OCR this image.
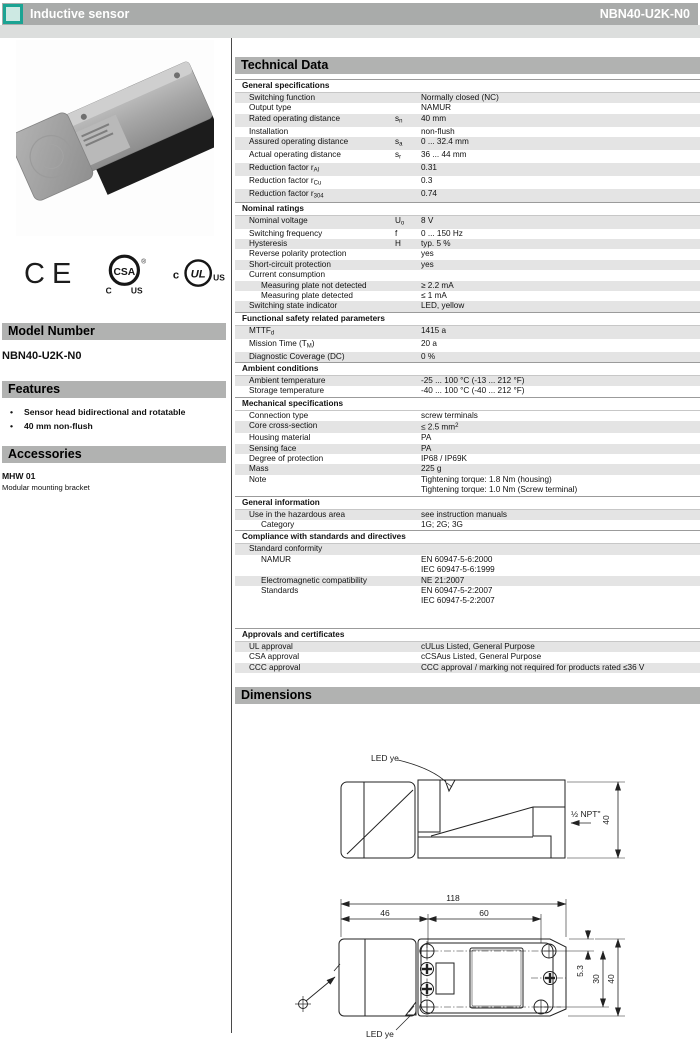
Inductive sensor	NBN40-U2K-N0
CE	CSA
®
C US
c UL US
Model Number
NBN40-U2K-N0
Features
• Sensor head bidirectional and rotatable
• 40 mm non-flush
Accessories
MHW 01
Modular mounting bracket
Technical Data
General specifications
Switching function	Normally closed (NC)
Output type	NAMUR
Rated operating distance	$s_n$	40 mm
Installation	non-flush
Assured operating distance	$s_a$	0 ... 32.4 mm
Actual operating distance	$s_r$	36 ... 44 mm
Reduction factor $r_{Al}$	0.31
Reduction factor $r_{Cu}$	0.3
Reduction factor $r_{304}$	0.74
Nominal ratings
Nominal voltage	$U_o$	8 V
Switching frequency	f	0 ... 150 Hz
Hysteresis	H	typ. 5 %
Reverse polarity protection	yes
Short-circuit protection	yes
Current consumption

Measuring plate not detected	≥ 2.2 mA
Measuring plate detected	≤ 1 mA
Switching state indicator	LED, yellow
Functional safety related parameters
$MTTF_d$	1415 a
Mission Time $(T_M)$	20 a
Diagnostic Coverage (DC)	0 %
Ambient conditions
Ambient temperature	-25 ... 100 °C (-13 ... 212 °F)
Storage temperature	-40 ... 100 °C (-40 ... 212 °F)
Mechanical specifications
Connection type	screw terminals
Core cross-section	≤ 2.5 $mm^2$
Housing material	PA
Sensing face	PA
Degree of protection	IP68 / IP69K
Mass	225 g
Note	Tightening torque: 1.8 Nm (housing)
Tightening torque: 1.0 Nm (Screw terminal)
General information
Use in the hazardous area	see instruction manuals
Category	1G; 2G; 3G
Compliance with standards and directives
Standard conformity

NAMUR	EN 60947-5-6:2000
IEC 60947-5-6:1999
Electromagnetic compatibility	NE 21:2007
Standards	EN 60947-5-2:2007
IEC 60947-5-2:2007
Approvals and certificates
UL approval	cULus Listed, General Purpose
CSA approval	cCSAus Listed, General Purpose
CCC approval	CCC approval / marking not required for products rated ≤36 V
Dimensions
LED ye
½ NPT"
40
118
46	60
5.3
30 40
LED ye
